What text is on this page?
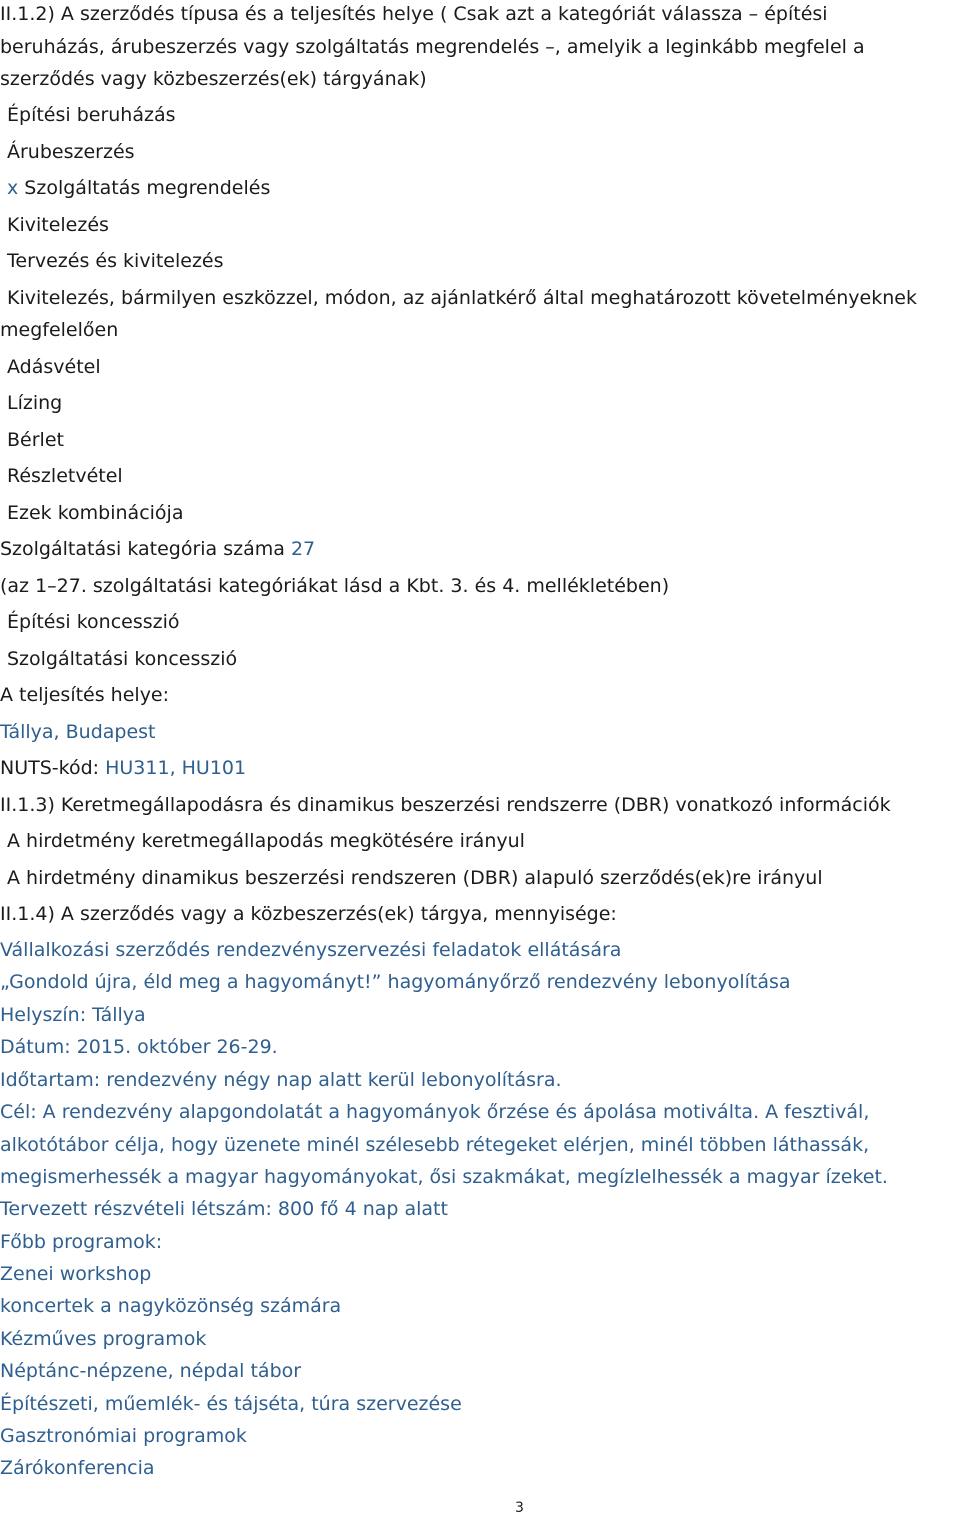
II.1.2) A szerződés típusa és a teljesítés helye ( Csak azt a kategóriát válassza – építési
beruházás, árubeszerzés vagy szolgáltatás megrendelés –, amelyik a leginkább megfelel a
szerződés vagy közbeszerzés(ek) tárgyának)
Építési beruházás
Árubeszerzés
x Szolgáltatás megrendelés
Kivitelezés
Tervezés és kivitelezés
Kivitelezés, bármilyen eszközzel, módon, az ajánlatkérő által meghatározott követelményeknek
megfelelően
Adásvétel
Lízing
Bérlet
Részletvétel
Ezek kombinációja
Szolgáltatási kategória száma 27
(az 1–27. szolgáltatási kategóriákat lásd a Kbt. 3. és 4. mellékletében)
Építési koncesszió
Szolgáltatási koncesszió
A teljesítés helye:
Tállya, Budapest
NUTS-kód: HU311, HU101
II.1.3) Keretmegállapodásra és dinamikus beszerzési rendszerre (DBR) vonatkozó információk
A hirdetmény keretmegállapodás megkötésére irányul
A hirdetmény dinamikus beszerzési rendszeren (DBR) alapuló szerződés(ek)re irányul
II.1.4) A szerződés vagy a közbeszerzés(ek) tárgya, mennyisége:
Vállalkozási szerződés rendezvényszervezési feladatok ellátására
„Gondold újra, éld meg a hagyományt!” hagyományőrző rendezvény lebonyolítása
Helyszín: Tállya
Dátum: 2015. október 26-29.
Időtartam: rendezvény négy nap alatt kerül lebonyolításra.
Cél: A rendezvény alapgondolatát a hagyományok őrzése és ápolása motiválta. A fesztivál,
alkotótábor célja, hogy üzenete minél szélesebb rétegeket elérjen, minél többen láthassák,
megismerhessék a magyar hagyományokat, ősi szakmákat, megízlelhessék a magyar ízeket.
Tervezett részvételi létszám: 800 fő 4 nap alatt
Főbb programok:
Zenei workshop
koncertek a nagyközönség számára
Kézműves programok
Néptánc-népzene, népdal tábor
Építészeti, műemlék- és tájséta, túra szervezése
Gasztronómiai programok
Zárókonferencia
3
